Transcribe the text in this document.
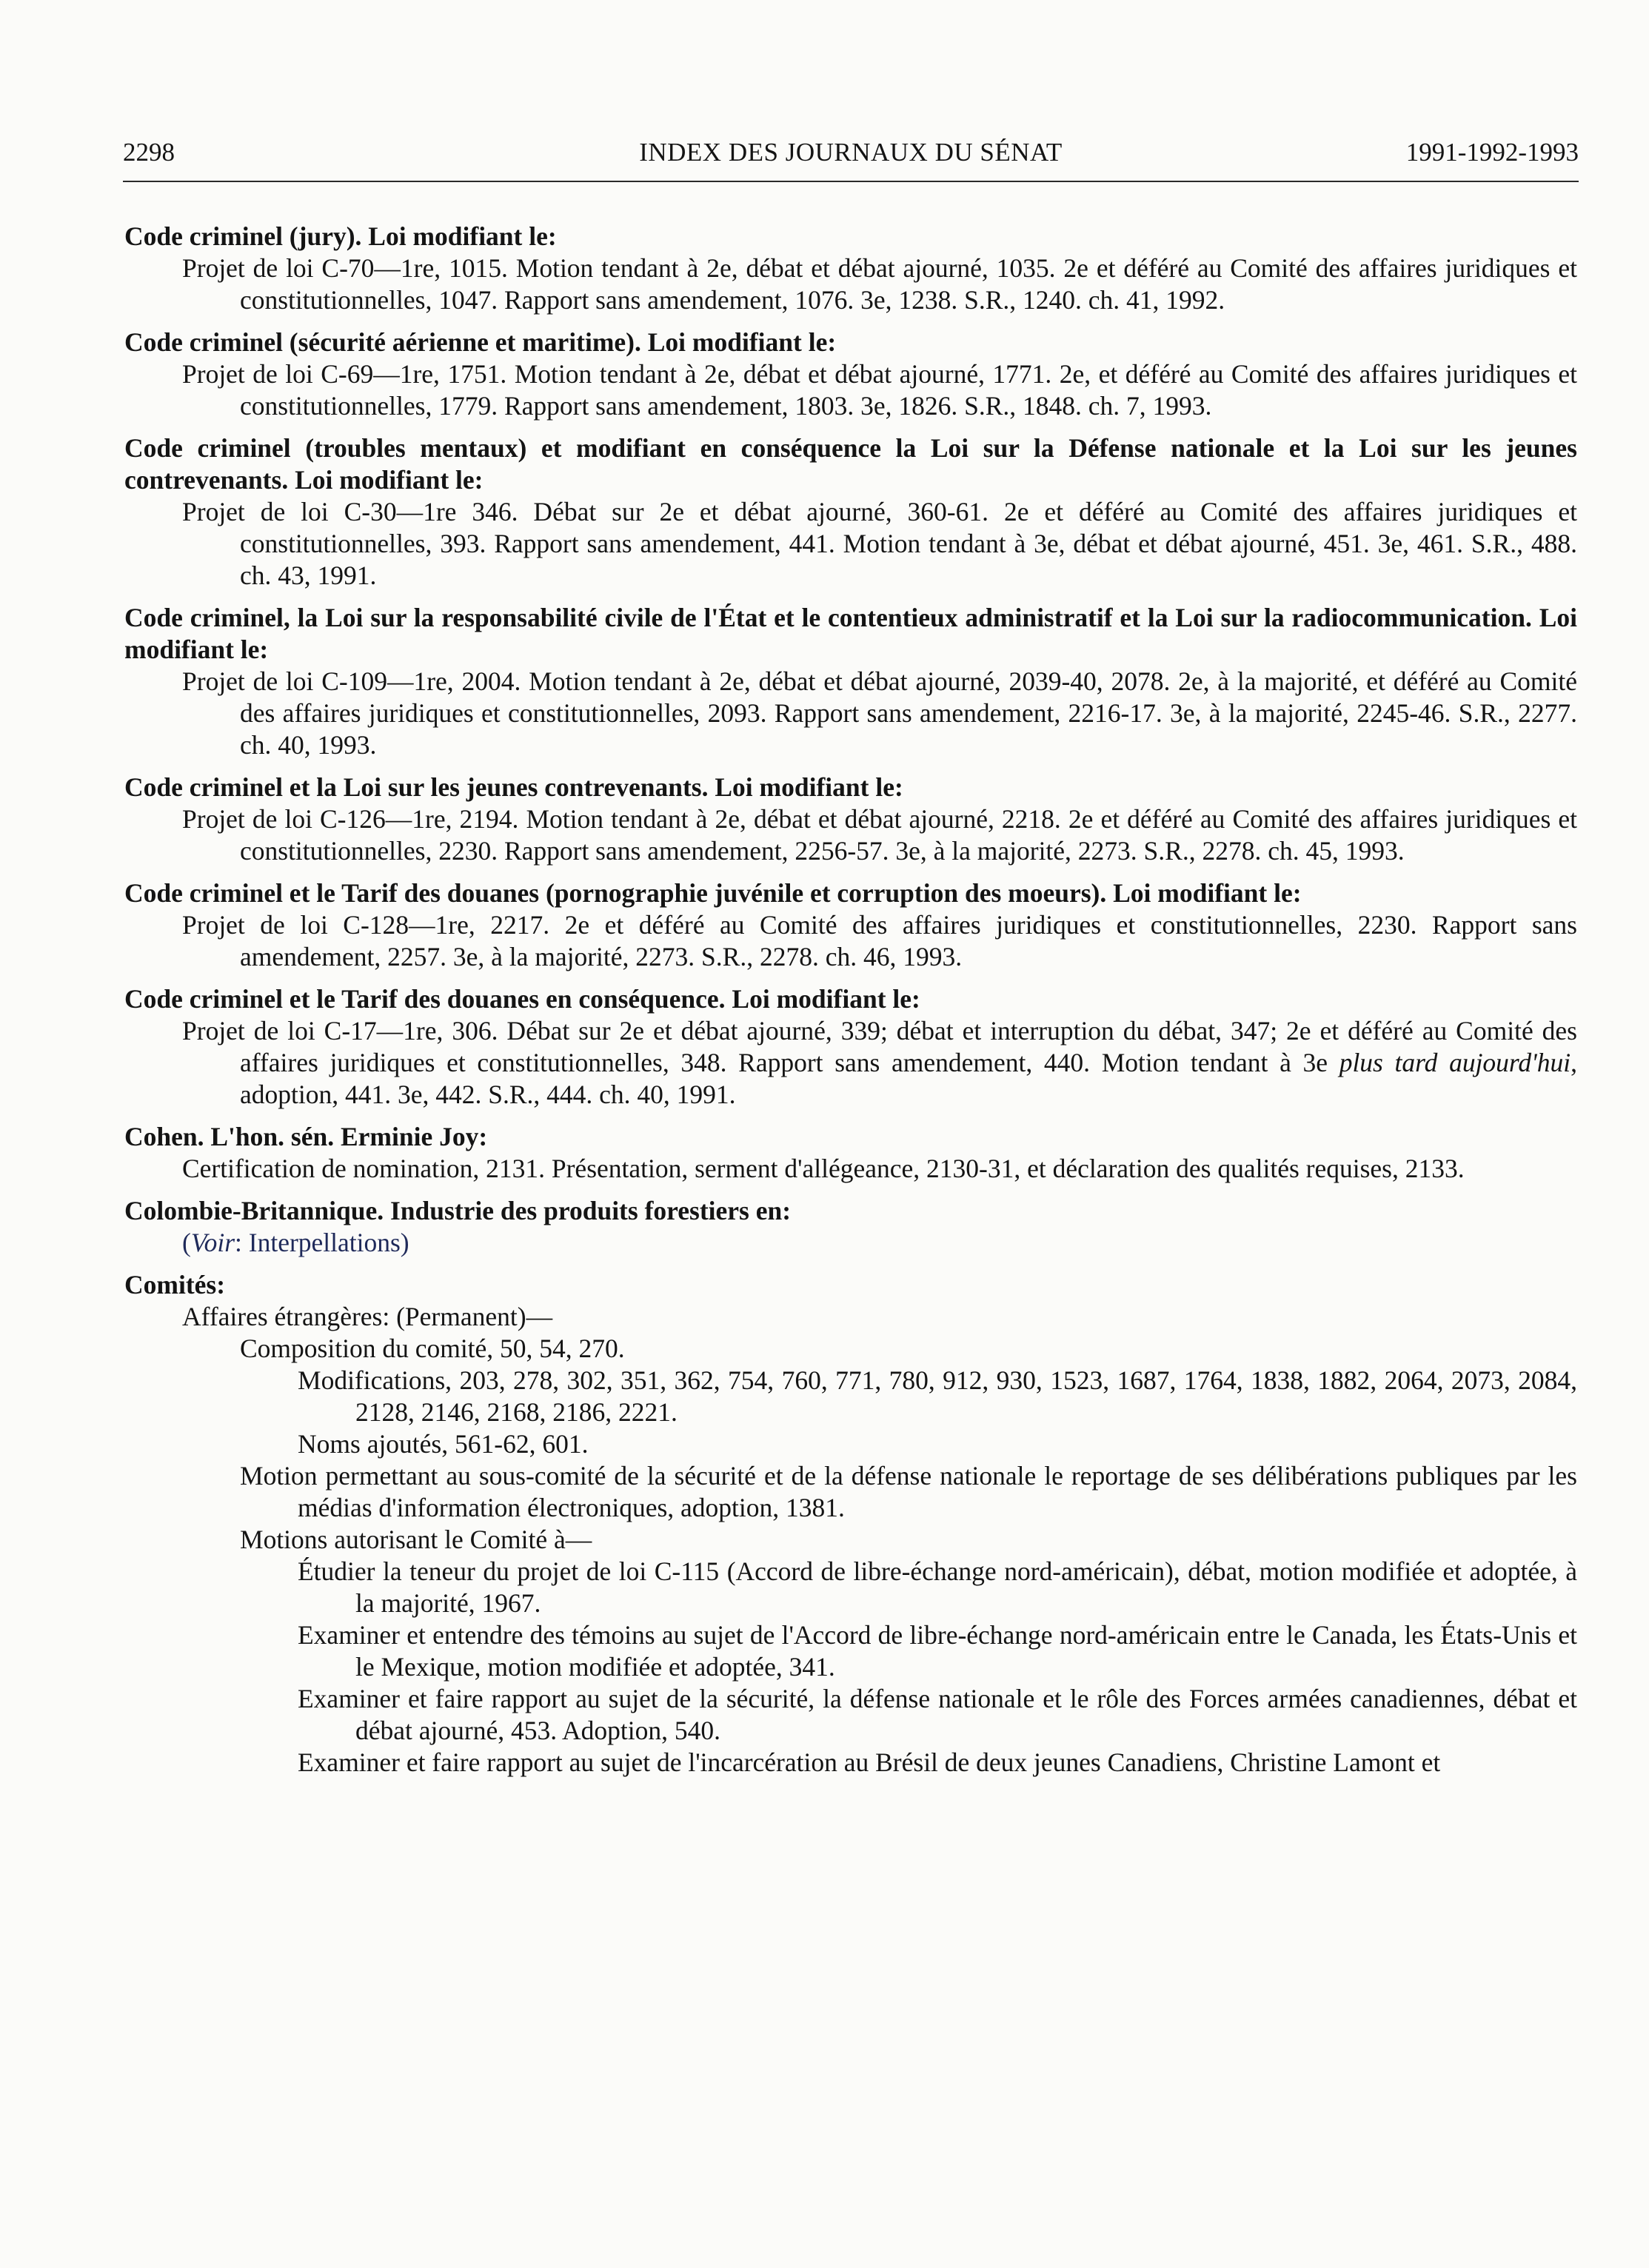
2298	INDEX DES JOURNAUX DU SÉNAT	1991-1992-1993
Code criminel (jury). Loi modifiant le:
Projet de loi C-70—1re, 1015. Motion tendant à 2e, débat et débat ajourné, 1035. 2e et déféré au Comité des affaires juridiques et constitutionnelles, 1047. Rapport sans amendement, 1076. 3e, 1238. S.R., 1240. ch. 41, 1992.
Code criminel (sécurité aérienne et maritime). Loi modifiant le:
Projet de loi C-69—1re, 1751. Motion tendant à 2e, débat et débat ajourné, 1771. 2e, et déféré au Comité des affaires juridiques et constitutionnelles, 1779. Rapport sans amendement, 1803. 3e, 1826. S.R., 1848. ch. 7, 1993.
Code criminel (troubles mentaux) et modifiant en conséquence la Loi sur la Défense nationale et la Loi sur les jeunes contrevenants. Loi modifiant le:
Projet de loi C-30—1re 346. Débat sur 2e et débat ajourné, 360-61. 2e et déféré au Comité des affaires juridiques et constitutionnelles, 393. Rapport sans amendement, 441. Motion tendant à 3e, débat et débat ajourné, 451. 3e, 461. S.R., 488. ch. 43, 1991.
Code criminel, la Loi sur la responsabilité civile de l'État et le contentieux administratif et la Loi sur la radiocommunication. Loi modifiant le:
Projet de loi C-109—1re, 2004. Motion tendant à 2e, débat et débat ajourné, 2039-40, 2078. 2e, à la majorité, et déféré au Comité des affaires juridiques et constitutionnelles, 2093. Rapport sans amendement, 2216-17. 3e, à la majorité, 2245-46. S.R., 2277. ch. 40, 1993.
Code criminel et la Loi sur les jeunes contrevenants. Loi modifiant le:
Projet de loi C-126—1re, 2194. Motion tendant à 2e, débat et débat ajourné, 2218. 2e et déféré au Comité des affaires juridiques et constitutionnelles, 2230. Rapport sans amendement, 2256-57. 3e, à la majorité, 2273. S.R., 2278. ch. 45, 1993.
Code criminel et le Tarif des douanes (pornographie juvénile et corruption des moeurs). Loi modifiant le:
Projet de loi C-128—1re, 2217. 2e et déféré au Comité des affaires juridiques et constitutionnelles, 2230. Rapport sans amendement, 2257. 3e, à la majorité, 2273. S.R., 2278. ch. 46, 1993.
Code criminel et le Tarif des douanes en conséquence. Loi modifiant le:
Projet de loi C-17—1re, 306. Débat sur 2e et débat ajourné, 339; débat et interruption du débat, 347; 2e et déféré au Comité des affaires juridiques et constitutionnelles, 348. Rapport sans amendement, 440. Motion tendant à 3e plus tard aujourd'hui, adoption, 441. 3e, 442. S.R., 444. ch. 40, 1991.
Cohen. L'hon. sén. Erminie Joy:
Certification de nomination, 2131. Présentation, serment d'allégeance, 2130-31, et déclaration des qualités requises, 2133.
Colombie-Britannique. Industrie des produits forestiers en:
(Voir: Interpellations)
Comités:
Affaires étrangères: (Permanent)—
Composition du comité, 50, 54, 270.
Modifications, 203, 278, 302, 351, 362, 754, 760, 771, 780, 912, 930, 1523, 1687, 1764, 1838, 1882, 2064, 2073, 2084, 2128, 2146, 2168, 2186, 2221.
Noms ajoutés, 561-62, 601.
Motion permettant au sous-comité de la sécurité et de la défense nationale le reportage de ses délibérations publiques par les médias d'information électroniques, adoption, 1381.
Motions autorisant le Comité à—
Étudier la teneur du projet de loi C-115 (Accord de libre-échange nord-américain), débat, motion modifiée et adoptée, à la majorité, 1967.
Examiner et entendre des témoins au sujet de l'Accord de libre-échange nord-américain entre le Canada, les États-Unis et le Mexique, motion modifiée et adoptée, 341.
Examiner et faire rapport au sujet de la sécurité, la défense nationale et le rôle des Forces armées canadiennes, débat et débat ajourné, 453. Adoption, 540.
Examiner et faire rapport au sujet de l'incarcération au Brésil de deux jeunes Canadiens, Christine Lamont et
